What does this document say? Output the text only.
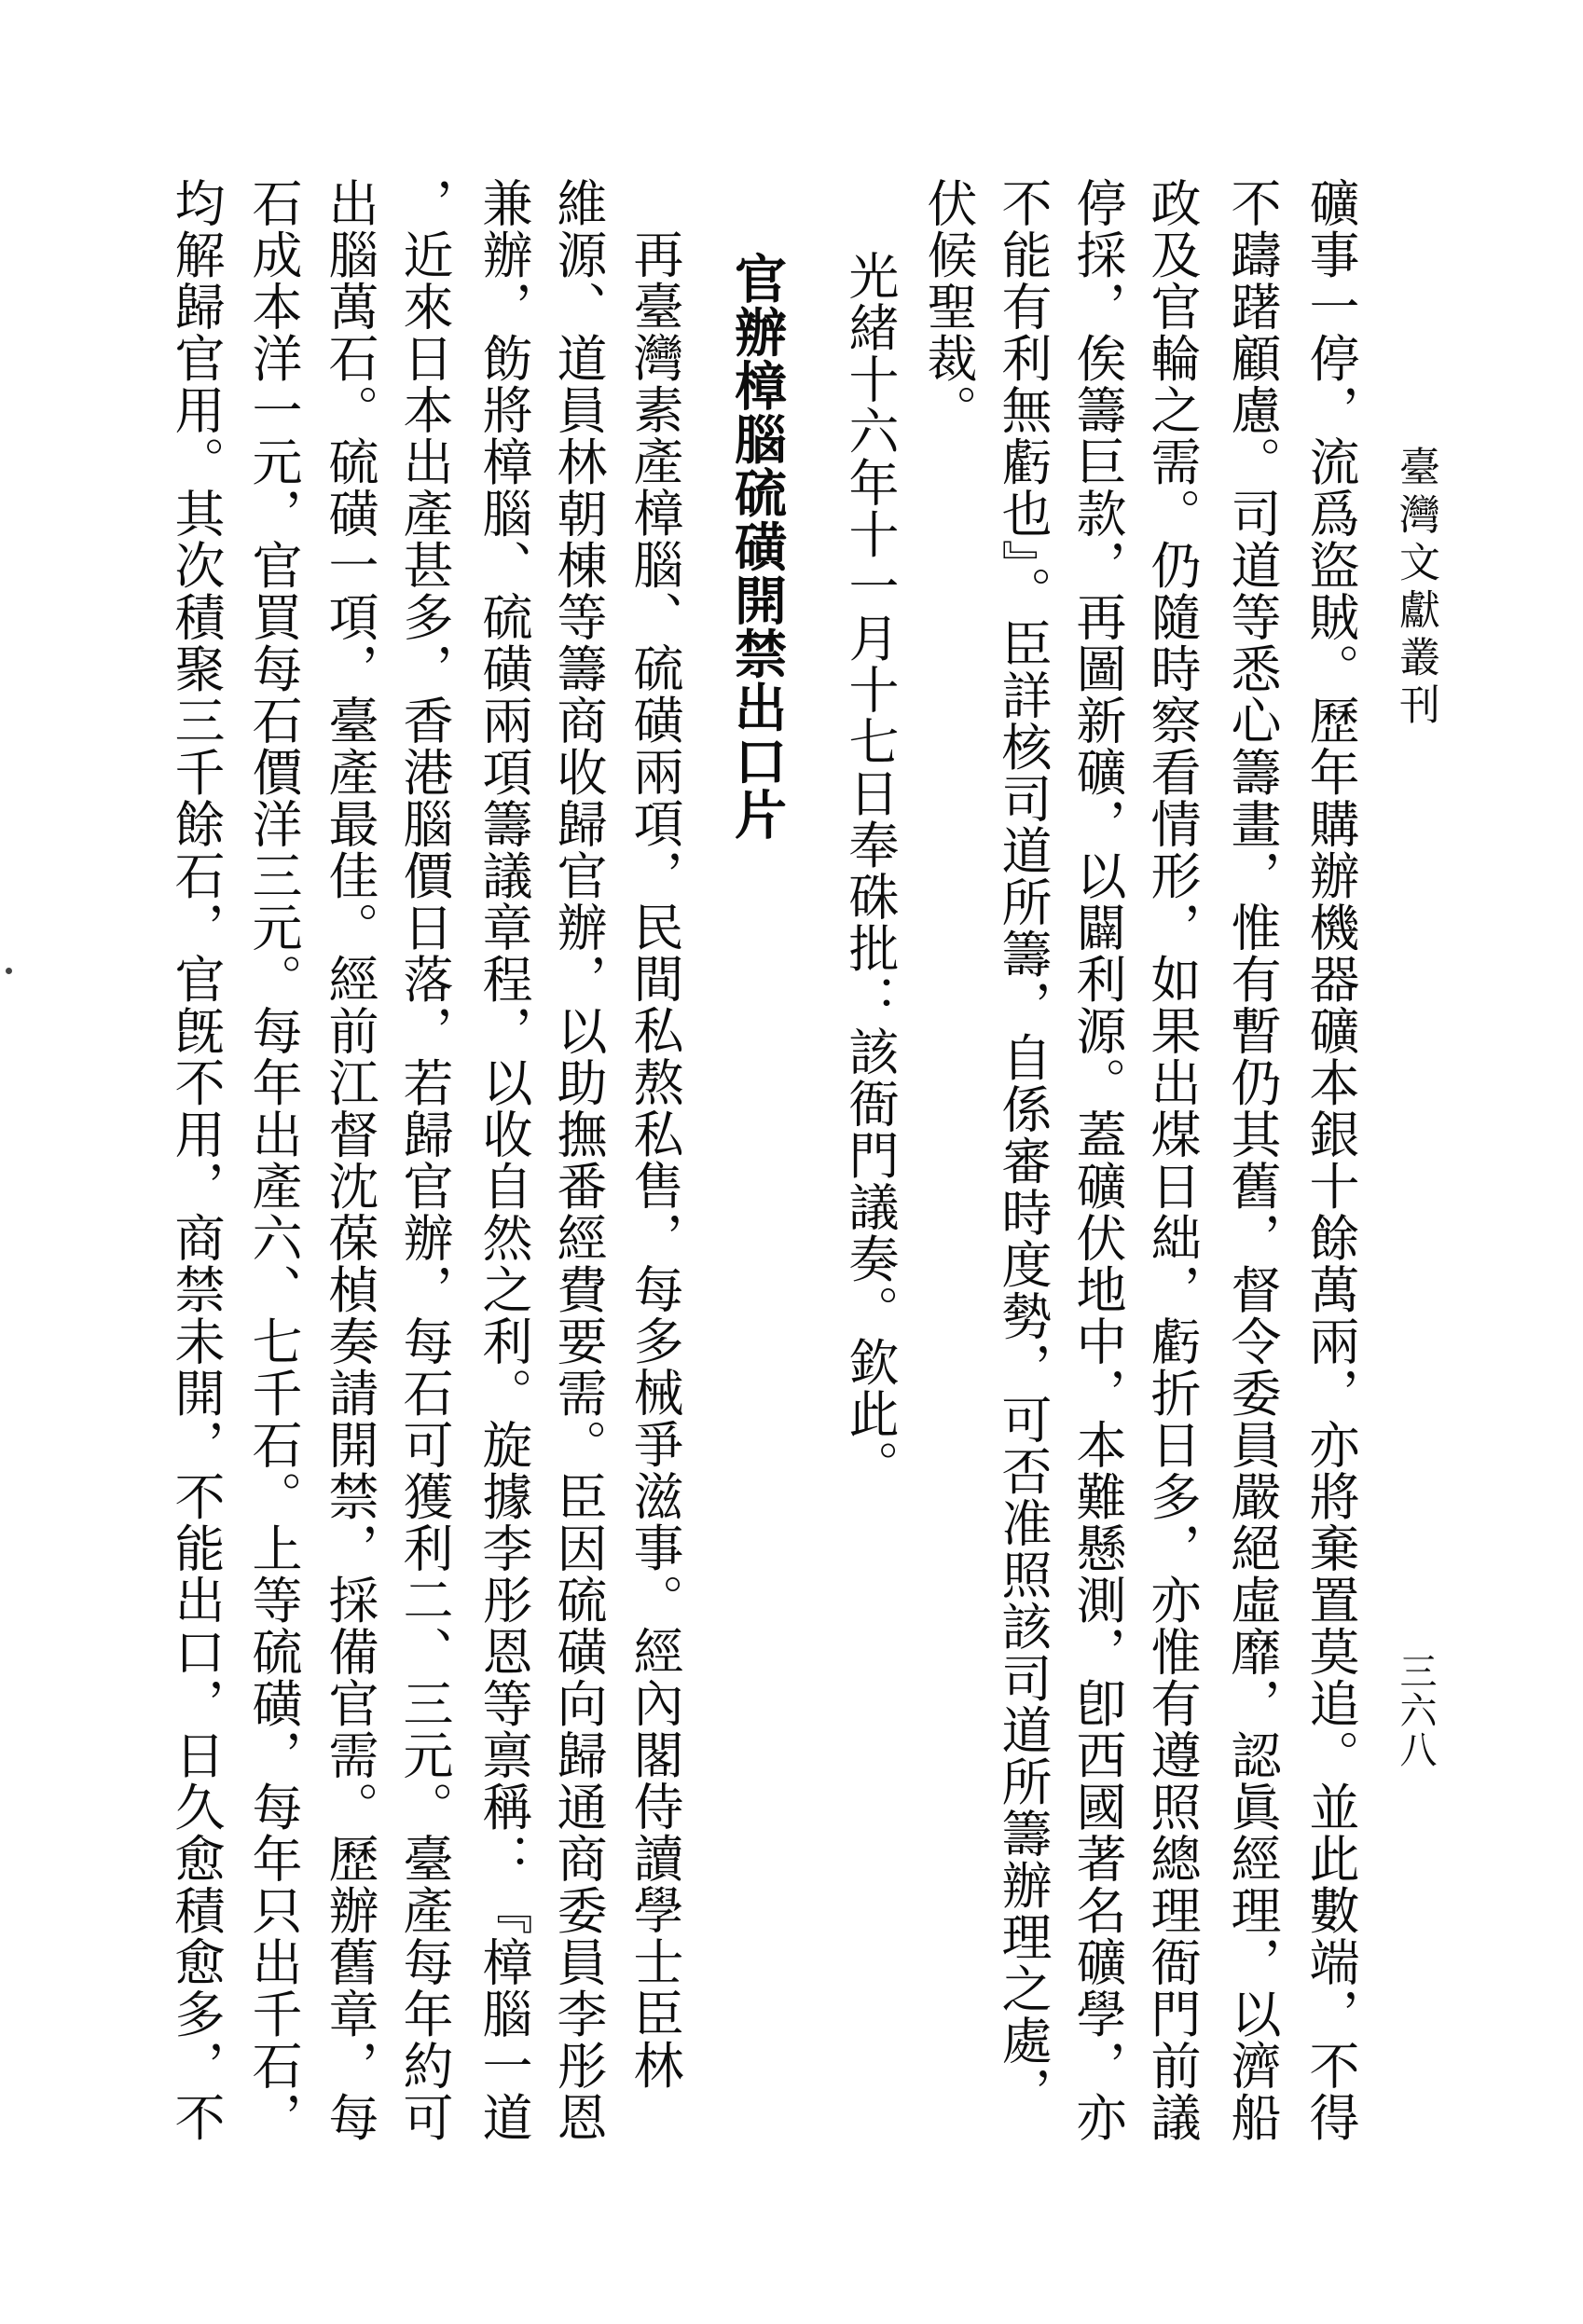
臺灣文獻叢刊
三六八
礦事一停，流爲盜賊。歷年購辦機器礦本銀十餘萬兩，亦將棄置莫追。並此數端，不得
不躊躇顧慮。司道等悉心籌畫，惟有暫仍其舊，督令委員嚴絕虛靡，認眞經理，以濟船
政及官輪之需。仍隨時察看情形，如果出煤日絀，虧折日多，亦惟有遵照總理衙門前議
停採，俟籌巨款，再圖新礦，以闢利源。蓋礦伏地中，本難懸測，卽西國著名礦學，亦
不能有利無虧也』。臣詳核司道所籌，自係審時度勢，可否准照該司道所籌辦理之處，
伏候聖裁。
光緒十六年十一月十七日奉硃批：該衙門議奏。欽此。
官辦樟腦硫磺開禁出口片
再臺灣素產樟腦、硫磺兩項，民間私熬私售，每多械爭滋事。經內閣侍讀學士臣林
維源、道員林朝棟等籌商收歸官辦，以助撫番經費要需。臣因硫磺向歸通商委員李彤恩
兼辦，飭將樟腦、硫磺兩項籌議章程，以收自然之利。旋據李彤恩等禀稱：『樟腦一道
，近來日本出產甚多，香港腦價日落，若歸官辦，每石可獲利二、三元。臺產每年約可
出腦萬石。硫磺一項，臺產最佳。經前江督沈葆楨奏請開禁，採備官需。歷辦舊章，每
石成本洋一元，官買每石價洋三元。每年出產六、七千石。上等硫磺，每年只出千石，
均解歸官用。其次積聚三千餘石，官旣不用，商禁未開，不能出口，日久愈積愈多，不
